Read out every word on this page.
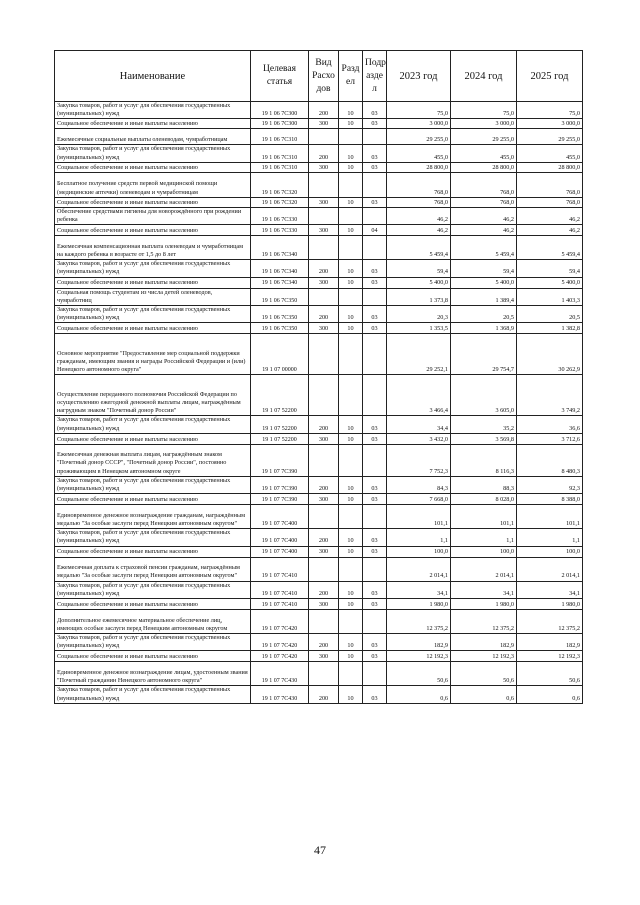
Наименование	Целевая статья	Вид Расхо дов	Разд ел	Подр азде л	2023 год	2024 год	2025 год
Закупка товаров, работ и услуг для обеспечения государственных (муниципальных) нужд	19 1 06 7С300	200	10	03	75,0	75,0	75,0
Социальное обеспечение и иные выплаты населению	19 1 06 7С300	300	10	03	3 000,0	3 000,0	3 000,0
Ежемесячные социальные выплаты оленеводам, чумработницам	19 1 06 7С310				29 255,0	29 255,0	29 255,0
Закупка товаров, работ и услуг для обеспечения государственных (муниципальных) нужд	19 1 06 7С310	200	10	03	455,0	455,0	455,0
Социальное обеспечение и иные выплаты населению	19 1 06 7С310	300	10	03	28 800,0	28 800,0	28 800,0
Бесплатное получение средств первой медицинской помощи (медицинские аптечки) оленеводам и чумработницам	19 1 06 7С320				768,0	768,0	768,0
Социальное обеспечение и иные выплаты населению	19 1 06 7С320	300	10	03	768,0	768,0	768,0
Обеспечение средствами гигиены для новорождённого при рождении ребенка	19 1 06 7С330				46,2	46,2	46,2
Социальное обеспечение и иные выплаты населению	19 1 06 7С330	300	10	04	46,2	46,2	46,2
Ежемесячная компенсационная выплата оленеводам и чумработницам на каждого ребенка в возрасте от 1,5 до 8 лет	19 1 06 7С340				5 459,4	5 459,4	5 459,4
Закупка товаров, работ и услуг для обеспечения государственных (муниципальных) нужд	19 1 06 7С340	200	10	03	59,4	59,4	59,4
Социальное обеспечение и иные выплаты населению	19 1 06 7С340	300	10	03	5 400,0	5 400,0	5 400,0
Социальная помощь студентам из числа детей оленеводов, чумработниц	19 1 06 7С350				1 373,8	1 389,4	1 403,3
Закупка товаров, работ и услуг для обеспечения государственных (муниципальных) нужд	19 1 06 7С350	200	10	03	20,3	20,5	20,5
Социальное обеспечение и иные выплаты населению	19 1 06 7С350	300	10	03	1 353,5	1 368,9	1 382,8
Основное мероприятие "Предоставление мер социальной поддержки гражданам, имеющим звания и награды Российской Федерации и (или) Ненецкого автономного округа"	19 1 07 00000				29 252,1	29 754,7	30 262,9
Осуществление переданного полномочия Российской Федерации по осуществлению ежегодной денежной выплаты лицам, награждённым нагрудным знаком "Почетный донор России"	19 1 07 52200				3 466,4	3 605,0	3 749,2
Закупка товаров, работ и услуг для обеспечения государственных (муниципальных) нужд	19 1 07 52200	200	10	03	34,4	35,2	36,6
Социальное обеспечение и иные выплаты населению	19 1 07 52200	300	10	03	3 432,0	3 569,8	3 712,6
Ежемесячная денежная выплата лицам, награждённым знаком "Почетный донор СССР", "Почетный донор России", постоянно проживающим в Ненецком автономном округе	19 1 07 7С390				7 752,3	8 116,3	8 480,3
Закупка товаров, работ и услуг для обеспечения государственных (муниципальных) нужд	19 1 07 7С390	200	10	03	84,3	88,3	92,3
Социальное обеспечение и иные выплаты населению	19 1 07 7С390	300	10	03	7 668,0	8 028,0	8 388,0
Единовременное денежное вознаграждение гражданам, награждённым медалью "За особые заслуги перед Ненецким автономным округом"	19 1 07 7С400				101,1	101,1	101,1
Закупка товаров, работ и услуг для обеспечения государственных (муниципальных) нужд	19 1 07 7С400	200	10	03	1,1	1,1	1,1
Социальное обеспечение и иные выплаты населению	19 1 07 7С400	300	10	03	100,0	100,0	100,0
Ежемесячная доплата к страховой пенсии гражданам, награждённым медалью "За особые заслуги перед Ненецким автономным округом"	19 1 07 7С410				2 014,1	2 014,1	2 014,1
Закупка товаров, работ и услуг для обеспечения государственных (муниципальных) нужд	19 1 07 7С410	200	10	03	34,1	34,1	34,1
Социальное обеспечение и иные выплаты населению	19 1 07 7С410	300	10	03	1 980,0	1 980,0	1 980,0
Дополнительное ежемесячное материальное обеспечение лиц, имеющих особые заслуги перед Ненецким автономным округом	19 1 07 7С420				12 375,2	12 375,2	12 375,2
Закупка товаров, работ и услуг для обеспечения государственных (муниципальных) нужд	19 1 07 7С420	200	10	03	182,9	182,9	182,9
Социальное обеспечение и иные выплаты населению	19 1 07 7С420	300	10	03	12 192,3	12 192,3	12 192,3
Единовременное денежное вознаграждение лицам, удостоенным звания "Почетный гражданин Ненецкого автономного округа"	19 1 07 7С430				50,6	50,6	50,6
Закупка товаров, работ и услуг для обеспечения государственных (муниципальных) нужд	19 1 07 7С430	200	10	03	0,6	0,6	0,6
47
